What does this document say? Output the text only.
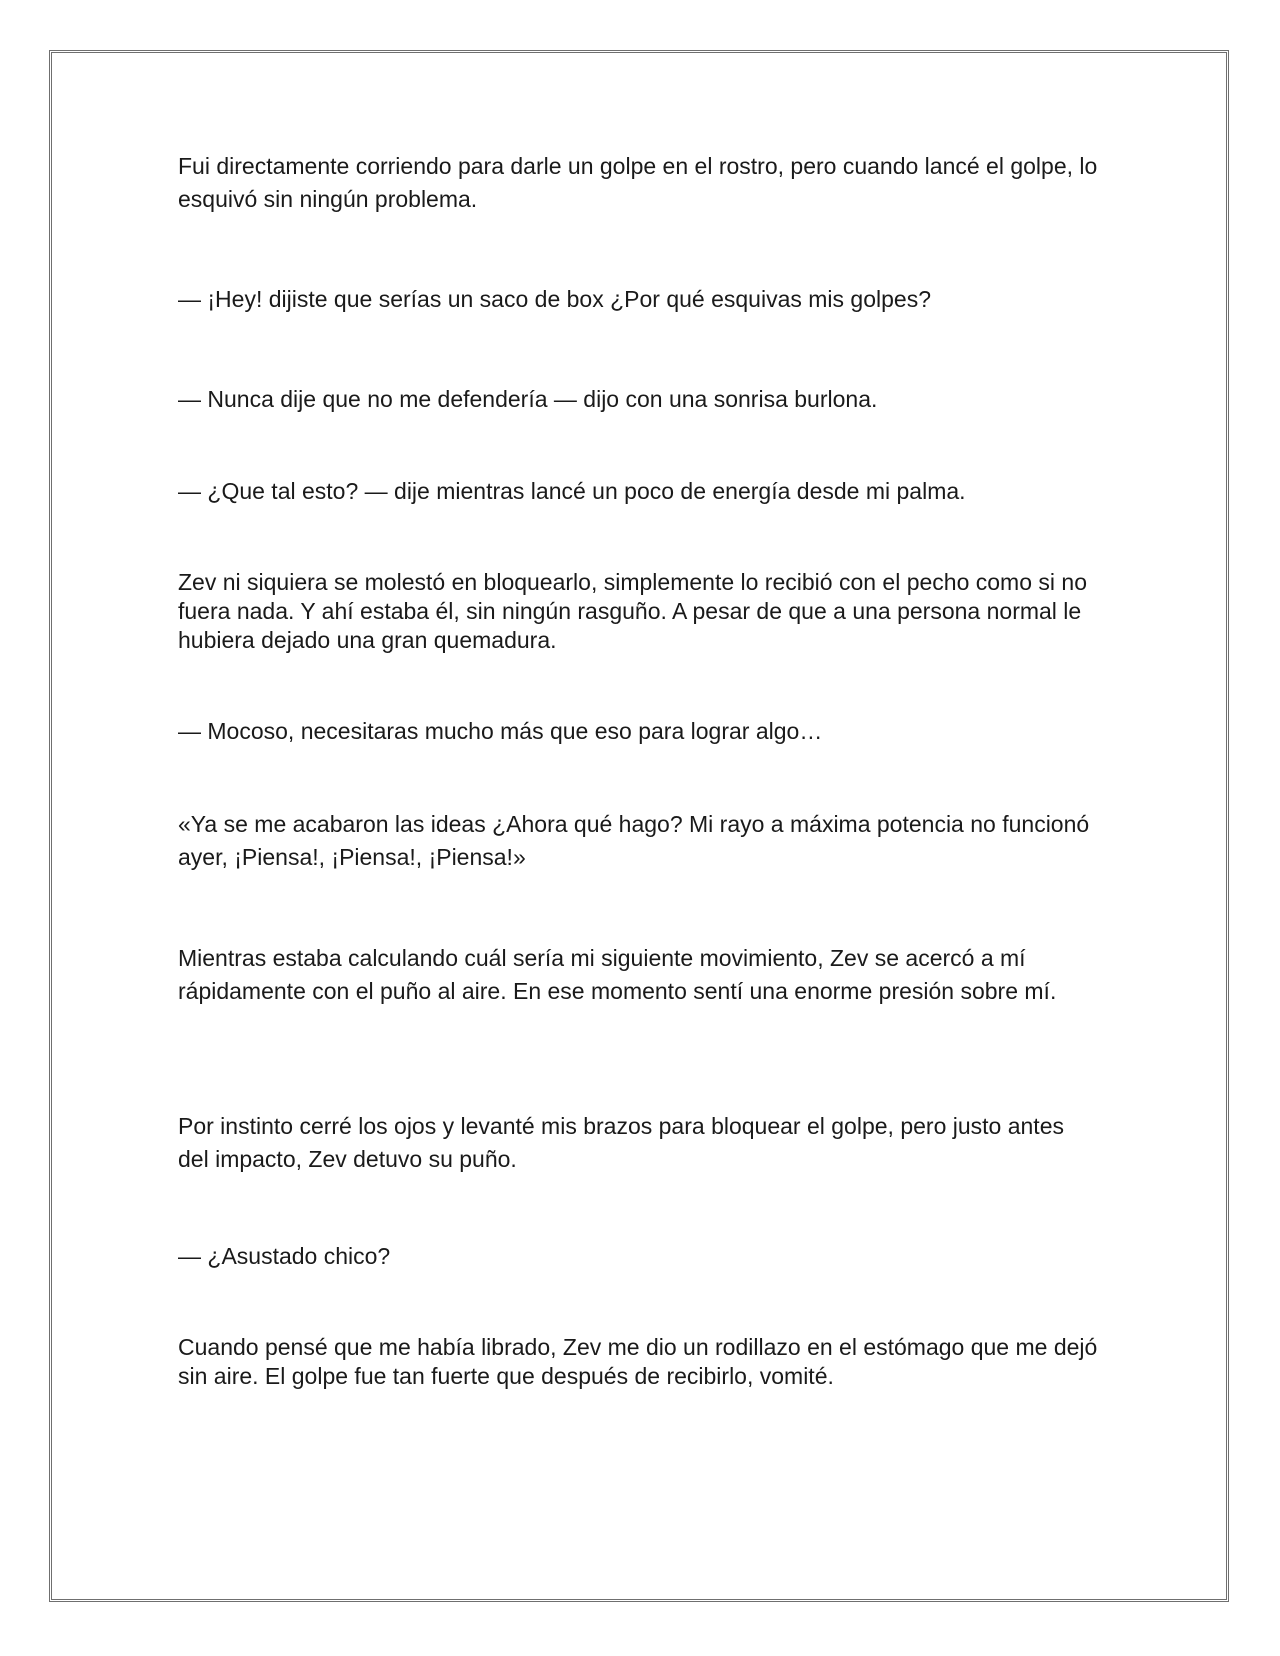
Fui directamente corriendo para darle un golpe en el rostro, pero cuando lancé el golpe, lo esquivó sin ningún problema.

— ¡Hey! dijiste que serías un saco de box ¿Por qué esquivas mis golpes?

— Nunca dije que no me defendería — dijo con una sonrisa burlona.

— ¿Que tal esto? — dije mientras lancé un poco de energía desde mi palma.

Zev ni siquiera se molestó en bloquearlo, simplemente lo recibió con el pecho como si no fuera nada. Y ahí estaba él, sin ningún rasguño. A pesar de que a una persona normal le hubiera dejado una gran quemadura.

— Mocoso, necesitaras mucho más que eso para lograr algo…

«Ya se me acabaron las ideas ¿Ahora qué hago? Mi rayo a máxima potencia no funcionó ayer, ¡Piensa!, ¡Piensa!, ¡Piensa!»

Mientras estaba calculando cuál sería mi siguiente movimiento, Zev se acercó a mí rápidamente con el puño al aire. En ese momento sentí una enorme presión sobre mí.

Por instinto cerré los ojos y levanté mis brazos para bloquear el golpe, pero justo antes del impacto, Zev detuvo su puño.

— ¿Asustado chico?

Cuando pensé que me había librado, Zev me dio un rodillazo en el estómago que me dejó sin aire. El golpe fue tan fuerte que después de recibirlo, vomité.
